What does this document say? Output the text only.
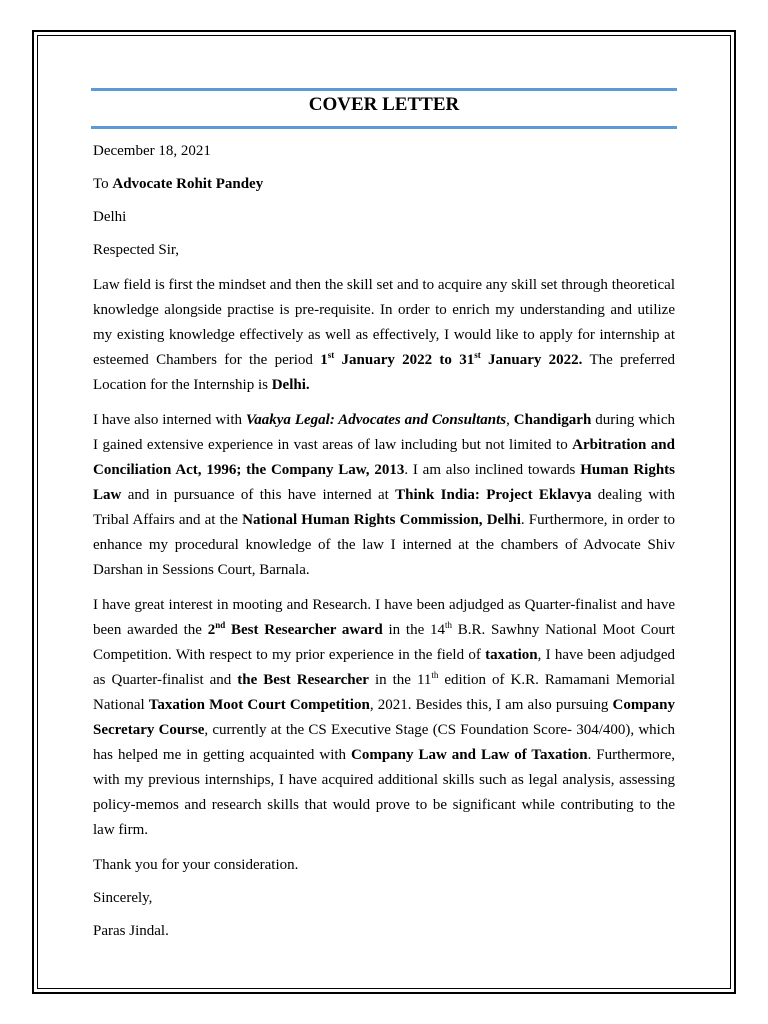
COVER LETTER

December 18, 2021

To Advocate Rohit Pandey

Delhi

Respected Sir,

Law field is first the mindset and then the skill set and to acquire any skill set through theoretical knowledge alongside practise is pre-requisite. In order to enrich my understanding and utilize my existing knowledge effectively as well as effectively, I would like to apply for internship at esteemed Chambers for the period 1st January 2022 to 31st January 2022. The preferred Location for the Internship is Delhi.

I have also interned with Vaakya Legal: Advocates and Consultants, Chandigarh during which I gained extensive experience in vast areas of law including but not limited to Arbitration and Conciliation Act, 1996; the Company Law, 2013. I am also inclined towards Human Rights Law and in pursuance of this have interned at Think India: Project Eklavya dealing with Tribal Affairs and at the National Human Rights Commission, Delhi. Furthermore, in order to enhance my procedural knowledge of the law I interned at the chambers of Advocate Shiv Darshan in Sessions Court, Barnala.

I have great interest in mooting and Research. I have been adjudged as Quarter-finalist and have been awarded the 2nd Best Researcher award in the 14th B.R. Sawhny National Moot Court Competition. With respect to my prior experience in the field of taxation, I have been adjudged as Quarter-finalist and the Best Researcher in the 11th edition of K.R. Ramamani Memorial National Taxation Moot Court Competition, 2021. Besides this, I am also pursuing Company Secretary Course, currently at the CS Executive Stage (CS Foundation Score- 304/400), which has helped me in getting acquainted with Company Law and Law of Taxation. Furthermore, with my previous internships, I have acquired additional skills such as legal analysis, assessing policy-memos and research skills that would prove to be significant while contributing to the law firm.

Thank you for your consideration.

Sincerely,

Paras Jindal.
